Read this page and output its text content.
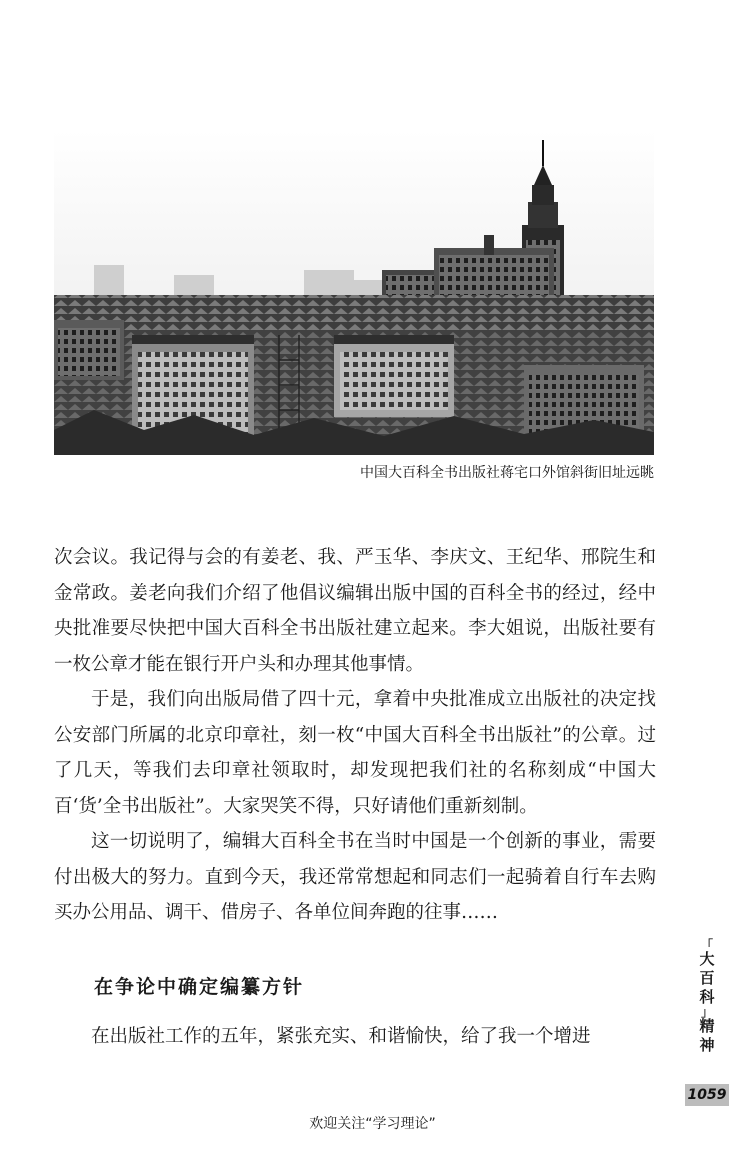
中国大百科全书出版社蒋宅口外馆斜街旧址远眺

次会议。我记得与会的有姜老、我、严玉华、李庆文、王纪华、邢院生和金常政。姜老向我们介绍了他倡议编辑出版中国的百科全书的经过，经中央批准要尽快把中国大百科全书出版社建立起来。李大姐说，出版社要有一枚公章才能在银行开户头和办理其他事情。

于是，我们向出版局借了四十元，拿着中央批准成立出版社的决定找公安部门所属的北京印章社，刻一枚“中国大百科全书出版社”的公章。过了几天，等我们去印章社领取时，却发现把我们社的名称刻成“中国大百‘货’全书出版社”。大家哭笑不得，只好请他们重新刻制。

这一切说明了，编辑大百科全书在当时中国是一个创新的事业，需要付出极大的努力。直到今天，我还常常想起和同志们一起骑着自行车去购买办公用品、调干、借房子、各单位间奔跑的往事……

在争论中确定编纂方针
在出版社工作的五年，紧张充实、和谐愉快，给了我一个增进
「
大
百
科
」
精
神
1059
欢迎关注“学习理论”
